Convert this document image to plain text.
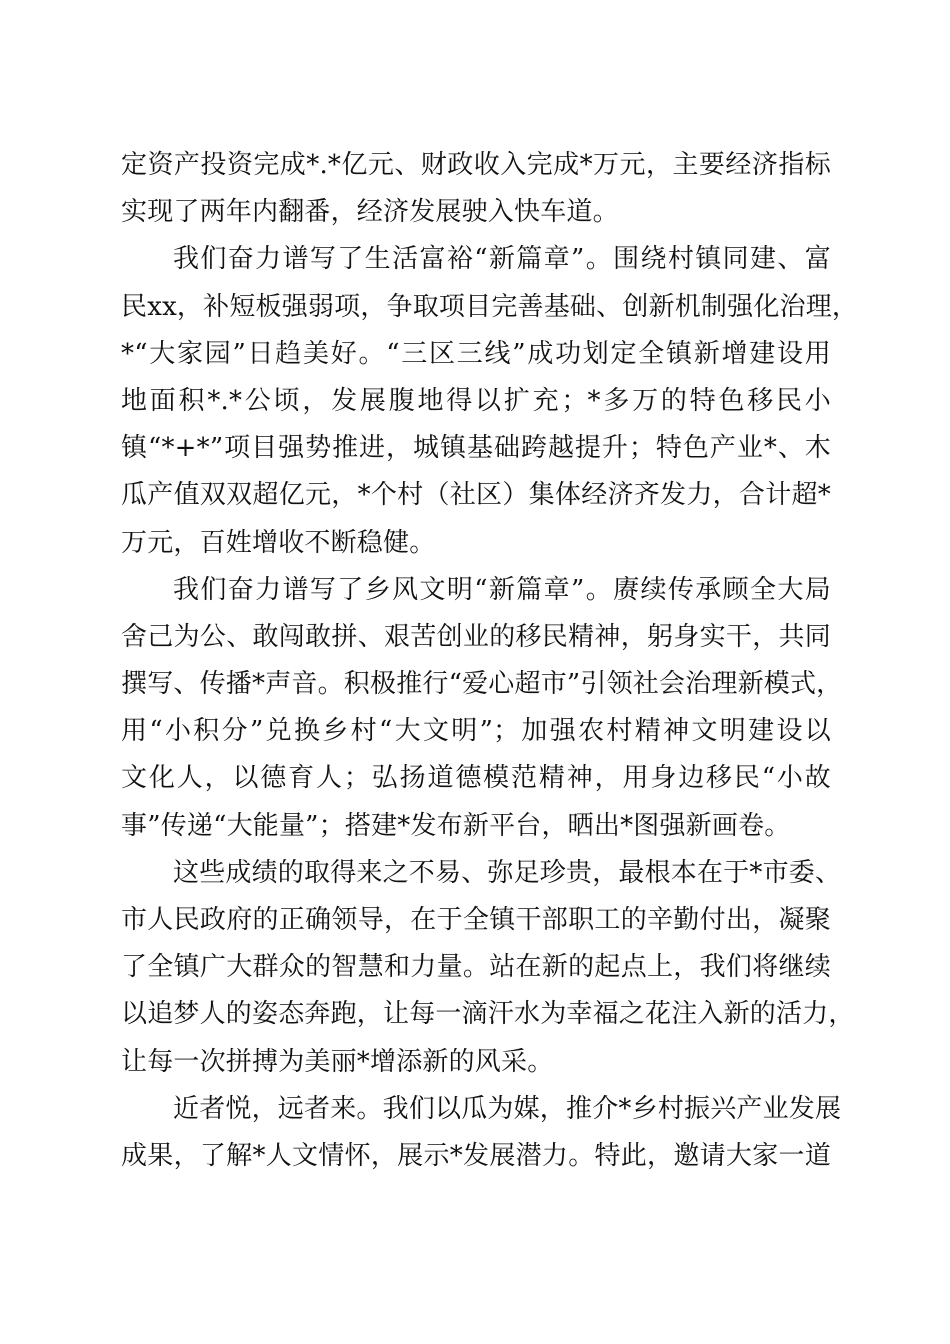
定资产投资完成*.*亿元、财政收入完成*万元，主要经济指标
实现了两年内翻番，经济发展驶入快车道。
我们奋力谱写了生活富裕“新篇章”。围绕村镇同建、富
民xx，补短板强弱项，争取项目完善基础、创新机制强化治理，
*“大家园”日趋美好。“三区三线”成功划定全镇新增建设用
地面积*.*公顷，发展腹地得以扩充；*多万的特色移民小
镇“*+*”项目强势推进，城镇基础跨越提升；特色产业*、木
瓜产值双双超亿元，*个村（社区）集体经济齐发力，合计超*
万元，百姓增收不断稳健。
我们奋力谱写了乡风文明“新篇章”。赓续传承顾全大局
舍己为公、敢闯敢拼、艰苦创业的移民精神，躬身实干，共同
撰写、传播*声音。积极推行“爱心超市”引领社会治理新模式，
用“小积分”兑换乡村“大文明”；加强农村精神文明建设以
文化人，以德育人；弘扬道德模范精神，用身边移民“小故
事”传递“大能量”；搭建*发布新平台，晒出*图强新画卷。
这些成绩的取得来之不易、弥足珍贵，最根本在于*市委、
市人民政府的正确领导，在于全镇干部职工的辛勤付出，凝聚
了全镇广大群众的智慧和力量。站在新的起点上，我们将继续
以追梦人的姿态奔跑，让每一滴汗水为幸福之花注入新的活力，
让每一次拼搏为美丽*增添新的风采。
近者悦，远者来。我们以瓜为媒，推介*乡村振兴产业发展
成果，了解*人文情怀，展示*发展潜力。特此，邀请大家一道
